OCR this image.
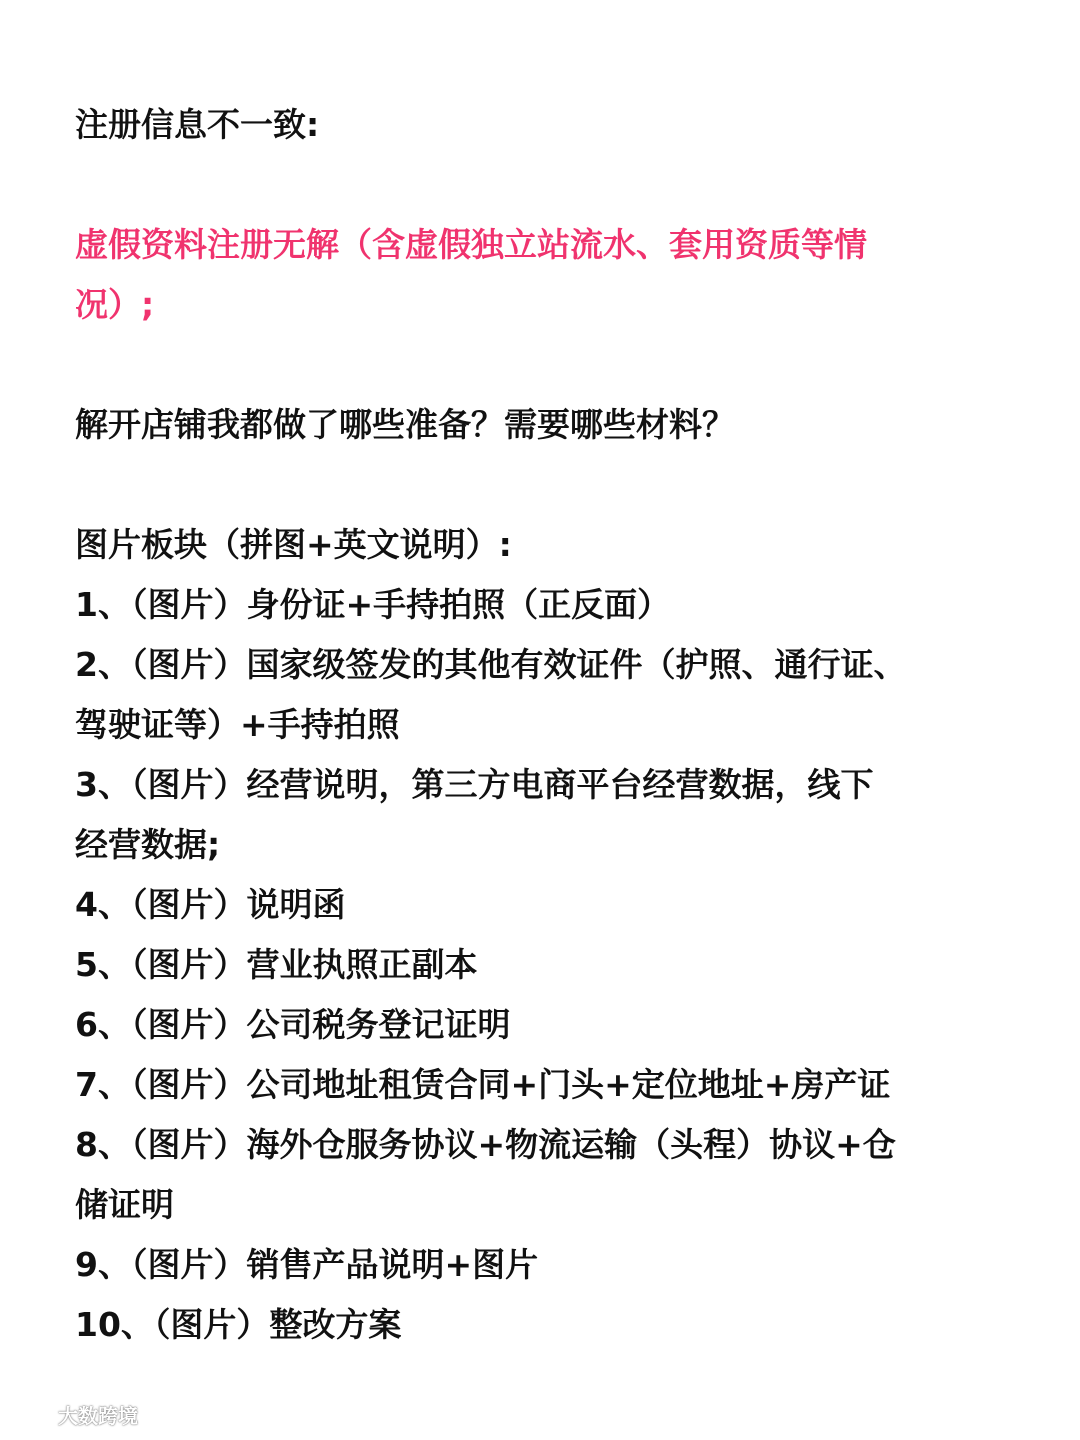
注册信息不一致:

虚假资料注册无解（含虚假独立站流水、套用资质等情

况）;

解开店铺我都做了哪些准备？需要哪些材料？

图片板块（拼图+英文说明）:

1、（图片）身份证+手持拍照（正反面）

2、（图片）国家级签发的其他有效证件（护照、通行证、

驾驶证等）+手持拍照

3、（图片）经营说明，第三方电商平台经营数据，线下

经营数据;

4、（图片）说明函

5、（图片）营业执照正副本

6、（图片）公司税务登记证明

7、（图片）公司地址租赁合同+门头+定位地址+房产证

8、（图片）海外仓服务协议+物流运输（头程）协议+仓

储证明

9、（图片）销售产品说明+图片

10、（图片）整改方案

大数跨境
